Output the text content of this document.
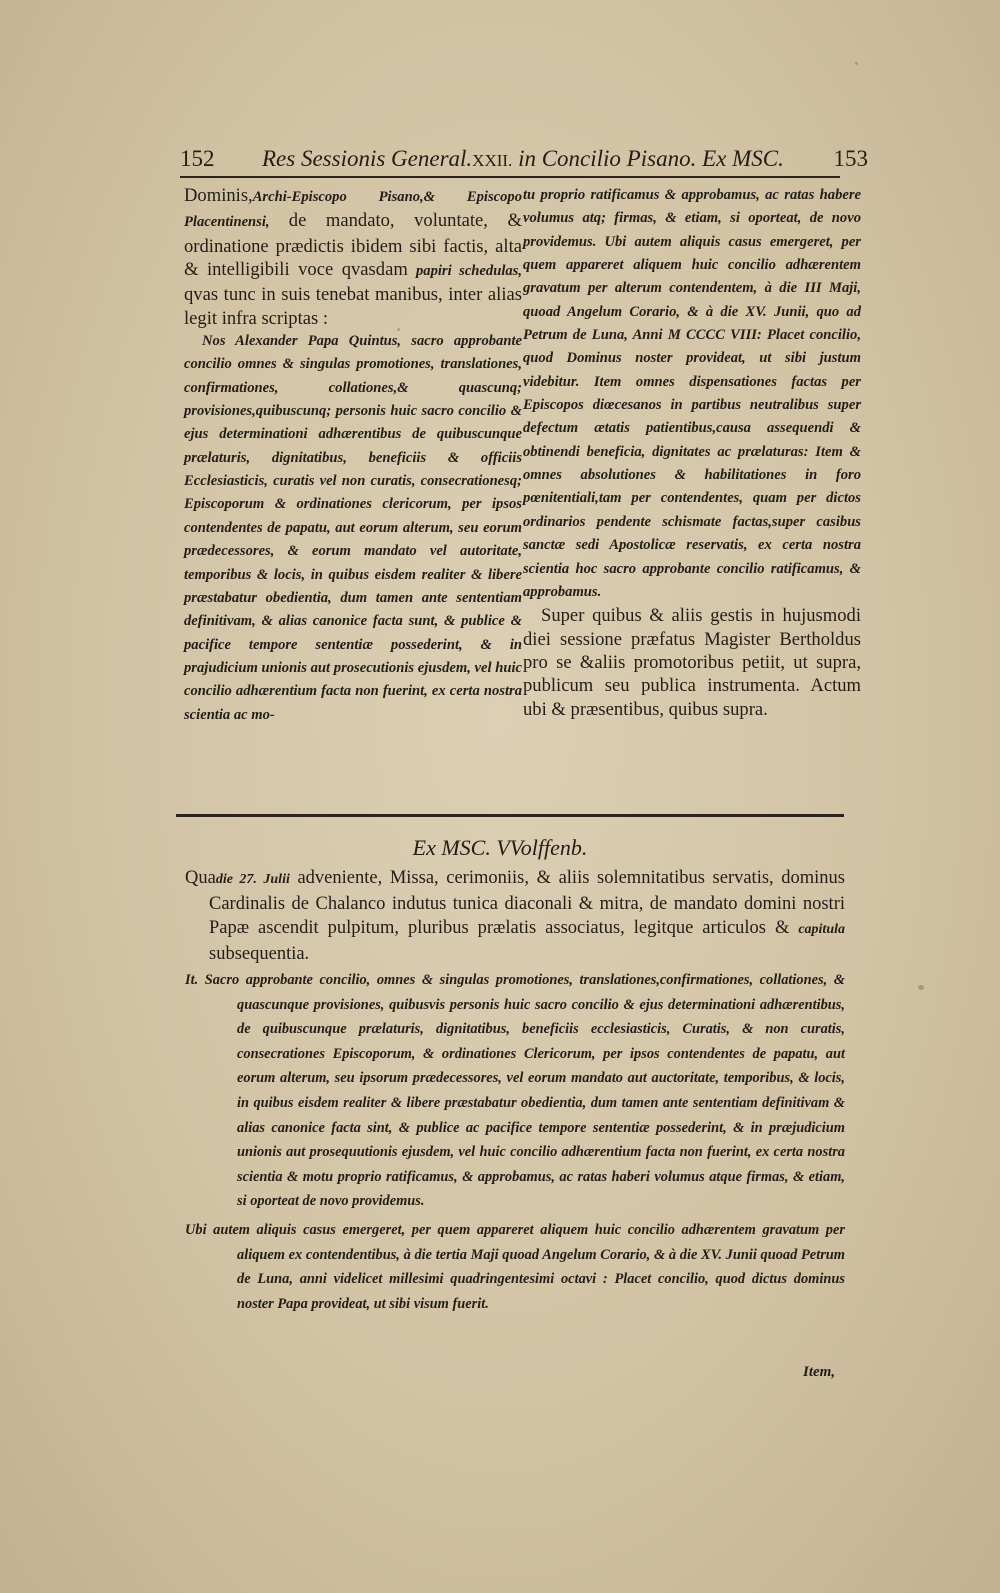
152 Res Sessionis General.XXII. in Concilio Pisano. Ex MSC. 153

Dominis,Archi-Episcopo Pisano,& Episcopo Placentinensi, de mandato, voluntate, & ordinatione prædictis ibidem sibi factis, alta & intelligibili voce qvasdam papiri schedulas, qvas tunc in suis tenebat manibus, inter alias legit infra scriptas :

Nos Alexander Papa Quintus, sacro approbante concilio omnes & singulas promotiones, translationes, confirmationes, collationes,& quascunq; provisiones,quibuscunq; personis huic sacro concilio & ejus determinationi adhærentibus de quibuscunque prælaturis, dignitatibus, beneficiis & officiis Ecclesiasticis, curatis vel non curatis, consecrationesq; Episcoporum & ordinationes clericorum, per ipsos contendentes de papatu, aut eorum alterum, seu eorum prædecessores, & eorum mandato vel autoritate, temporibus & locis, in quibus eisdem realiter & libere præstabatur obedientia, dum tamen ante sententiam definitivam, & alias canonice facta sunt, & publice & pacifice tempore sententiæ possederint, & in prajudicium unionis aut prosecutionis ejusdem, vel huic concilio adhærentium facta non fuerint, ex certa nostra scientia ac mo-

tu proprio ratificamus & approbamus, ac ratas habere volumus atq; firmas, & etiam, si oporteat, de novo providemus. Ubi autem aliquis casus emergeret, per quem appareret aliquem huic concilio adhærentem gravatum per alterum contendentem, à die III Maji, quoad Angelum Corario, & à die XV. Junii, quo ad Petrum de Luna, Anni M CCCC VIII: Placet concilio, quod Dominus noster provideat, ut sibi justum videbitur. Item omnes dispensationes factas per Episcopos diœcesanos in partibus neutralibus super defectum ætatis patientibus,causa assequendi & obtinendi beneficia, dignitates ac prælaturas: Item & omnes absolutiones & habilitationes in foro pœnitentiali,tam per contendentes, quam per dictos ordinarios pendente schismate factas,super casibus sanctæ sedi Apostolicæ reservatis, ex certa nostra scientia hoc sacro approbante concilio ratificamus, & approbamus.

Super quibus & aliis gestis in hujusmodi diei sessione præfatus Magister Bertholdus pro se &aliis promotoribus petiit, ut supra, publicum seu publica instrumenta. Actum ubi & præsentibus, quibus supra.

Ex MSC. VVolffenb.

Quadie 27. Julii adveniente, Missa, cerimoniis, & aliis solemnitatibus servatis, dominus Cardinalis de Chalanco indutus tunica diaconali & mitra, de mandato domini nostri Papæ ascendit pulpitum, pluribus prælatis associatus, legitque articulos & capitula subsequentia.

It. Sacro approbante concilio, omnes & singulas promotiones, translationes,confirmationes, collationes, & quascunque provisiones, quibusvis personis huic sacro concilio & ejus determinationi adhærentibus, de quibuscunque prælaturis, dignitatibus, beneficiis ecclesiasticis, Curatis, & non curatis, consecrationes Episcoporum, & ordinationes Clericorum, per ipsos contendentes de papatu, aut eorum alterum, seu ipsorum prædecessores, vel eorum mandato aut auctoritate, temporibus, & locis, in quibus eisdem realiter & libere præstabatur obedientia, dum tamen ante sententiam definitivam & alias canonice facta sint, & publice ac pacifice tempore sententiæ possederint, & in præjudicium unionis aut prosequutionis ejusdem, vel huic concilio adhærentium facta non fuerint, ex certa nostra scientia & motu proprio ratificamus, & approbamus, ac ratas haberi volumus atque firmas, & etiam, si oporteat de novo providemus.

Ubi autem aliquis casus emergeret, per quem appareret aliquem huic concilio adhærentem gravatum per aliquem ex contendentibus, à die tertia Maji quoad Angelum Corario, & à die XV. Junii quoad Petrum de Luna, anni videlicet millesimi quadringentesimi octavi : Placet concilio, quod dictus dominus noster Papa provideat, ut sibi visum fuerit.

Item,
